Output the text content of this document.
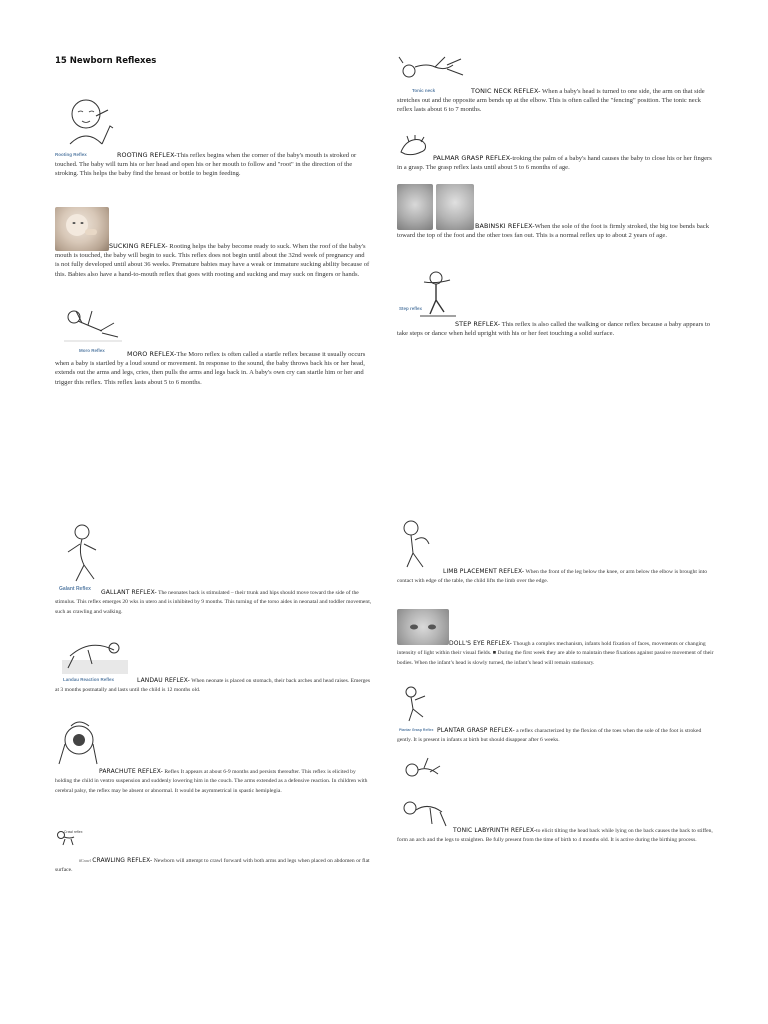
15 Newborn Reflexes
Rooting Reflex	ROOTING REFLEX-This reflex begins when the corner of the baby's mouth is stroked or touched. The baby will turn his or her head and open his or her mouth to follow and "root" in the direction of the stroking. This helps the baby find the breast or bottle to begin feeding.
SUCKING REFLEX- Rooting helps the baby become ready to suck. When the roof of the baby's mouth is touched, the baby will begin to suck. This reflex does not begin until about the 32nd week of pregnancy and is not fully developed until about 36 weeks. Premature babies may have a weak or immature sucking ability because of this. Babies also have a hand-to-mouth reflex that goes with rooting and sucking and may suck on fingers or hands.
Moro Reflex	MORO REFLEX-The Moro reflex is often called a startle reflex because it usually occurs when a baby is startled by a loud sound or movement. In response to the sound, the baby throws back his or her head, extends out the arms and legs, cries, then pulls the arms and legs back in. A baby's own cry can startle him or her and trigger this reflex. This reflex lasts about 5 to 6 months.
Tonic neck	TONIC NECK REFLEX- When a baby's head is turned to one side, the arm on that side stretches out and the opposite arm bends up at the elbow. This is often called the "fencing" position. The tonic neck reflex lasts about 6 to 7 months.
PALMAR GRASP REFLEX-troking the palm of a baby's hand causes the baby to close his or her fingers in a grasp. The grasp reflex lasts until about 5 to 6 months of age.
BABINSKI REFLEX-When the sole of the foot is firmly stroked, the big toe bends back toward the top of the foot and the other toes fan out. This is a normal reflex up to about 2 years of age.
Step reflex
STEP REFLEX- This reflex is also called the walking or dance reflex because a baby appears to take steps or dance when held upright with his or her feet touching a solid surface.
Galant Reflex	GALLANT REFLEX- The neonates back is stimulated – their trunk and hips should move toward the side of the stimulus. This reflex emerges 20 wks in utero and is inhibited by 9 months. This turning of the torso aides in neonatal and toddler movement, such as crawling and walking.
Landau Reaction Reflex	LANDAU REFLEX- When neonate is placed on stomach, their back arches and head raises. Emerges at 3 months postnatally and lasts until the child is 12 months old.
PARACHUTE REFLEX- Reflex It appears at about 6-9 months and persists thereafter. This reflex is elicited by holding the child in ventro suspension and suddenly lowering him in the couch. The arms extended as a defensive reaction. In children with cerebral palsy, the reflex may be absent or abnormal. It would be asymmetrical in spastic hemiplegia.
Crawl reflex
#Crawl CRAWLING REFLEX- Newborn will attempt to crawl forward with both arms and legs when placed on abdomen or flat surface.
LIMB PLACEMENT REFLEX- When the front of the leg below the knee, or arm below the elbow is brought into contact with edge of the table, the child lifts the limb over the edge.
DOLL'S EYE REFLEX- Though a complex mechanism, infants hold fixation of faces, movements or changing intensity of light within their visual fields. ■ During the first week they are able to maintain these fixations against passive movement of their bodies. When the infant’s head is slowly turned, the infant’s head will remain stationary.
Plantar Grasp Reflex PLANTAR GRASP REFLEX- a reflex characterized by the flexion of the toes when the sole of the foot is stroked gently. It is present in infants at birth but should disappear after 6 weeks.
TONIC LABYRINTH REFLEX-to elicit tilting the head back while lying on the back causes the back to stiffen, form an arch and the legs to straighten. Be fully present from the time of birth to 4 months old. It is active during the birthing process.
